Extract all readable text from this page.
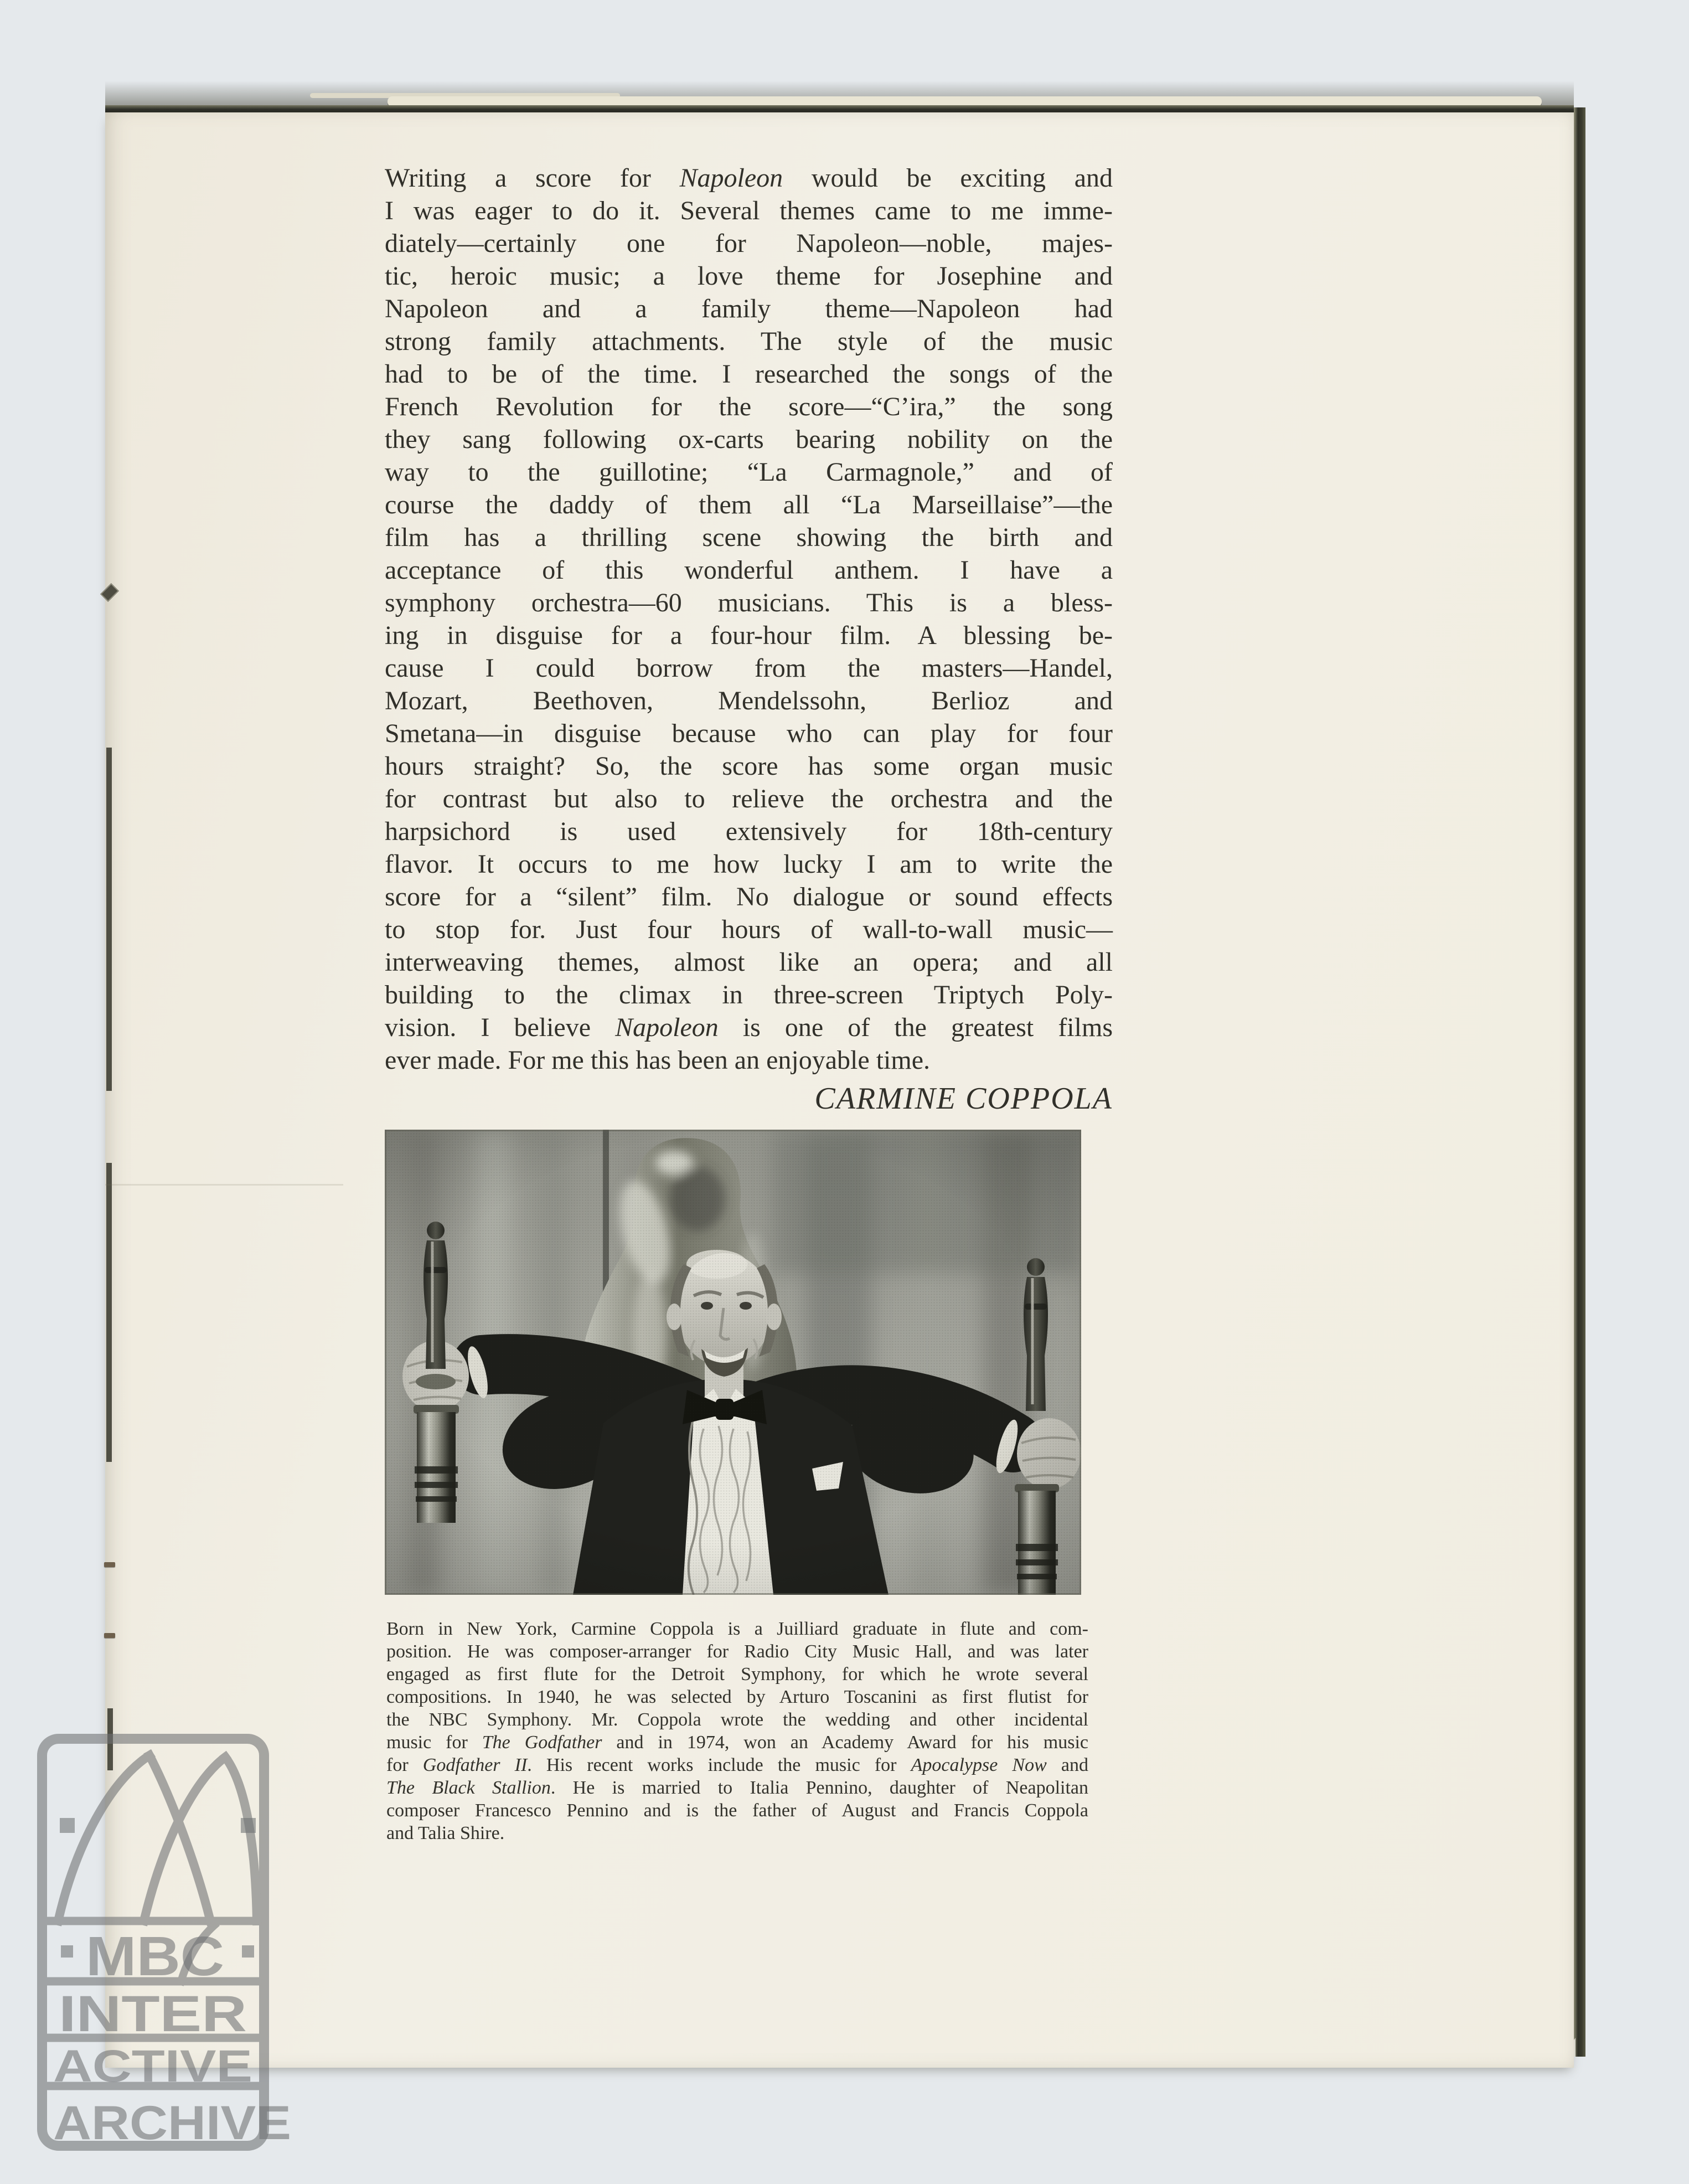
Writing a score for Napoleon would be exciting and
I was eager to do it. Several themes came to me imme-
diately—certainly one for Napoleon—noble, majes-
tic, heroic music; a love theme for Josephine and
Napoleon and a family theme—Napoleon had
strong family attachments. The style of the music
had to be of the time. I researched the songs of the
French Revolution for the score—“C’ira,” the song
they sang following ox-carts bearing nobility on the
way to the guillotine; “La Carmagnole,” and of
course the daddy of them all “La Marseillaise”—the
film has a thrilling scene showing the birth and
acceptance of this wonderful anthem. I have a
symphony orchestra—60 musicians. This is a bless-
ing in disguise for a four-hour film. A blessing be-
cause I could borrow from the masters—Handel,
Mozart, Beethoven, Mendelssohn, Berlioz and
Smetana—in disguise because who can play for four
hours straight? So, the score has some organ music
for contrast but also to relieve the orchestra and the
harpsichord is used extensively for 18th-century
flavor. It occurs to me how lucky I am to write the
score for a “silent” film. No dialogue or sound effects
to stop for. Just four hours of wall-to-wall music—
interweaving themes, almost like an opera; and all
building to the climax in three-screen Triptych Poly-
vision. I believe Napoleon is one of the greatest films
ever made. For me this has been an enjoyable time.
CARMINE COPPOLA
Born in New York, Carmine Coppola is a Juilliard graduate in flute and com-
position. He was composer-arranger for Radio City Music Hall, and was later
engaged as first flute for the Detroit Symphony, for which he wrote several
compositions. In 1940, he was selected by Arturo Toscanini as first flutist for
the NBC Symphony. Mr. Coppola wrote the wedding and other incidental
music for The Godfather and in 1974, won an Academy Award for his music
for Godfather II. His recent works include the music for Apocalypse Now and
The Black Stallion. He is married to Italia Pennino, daughter of Neapolitan
composer Francesco Pennino and is the father of August and Francis Coppola
and Talia Shire.
MBC
INTER
ACTIVE
ARCHIVE
